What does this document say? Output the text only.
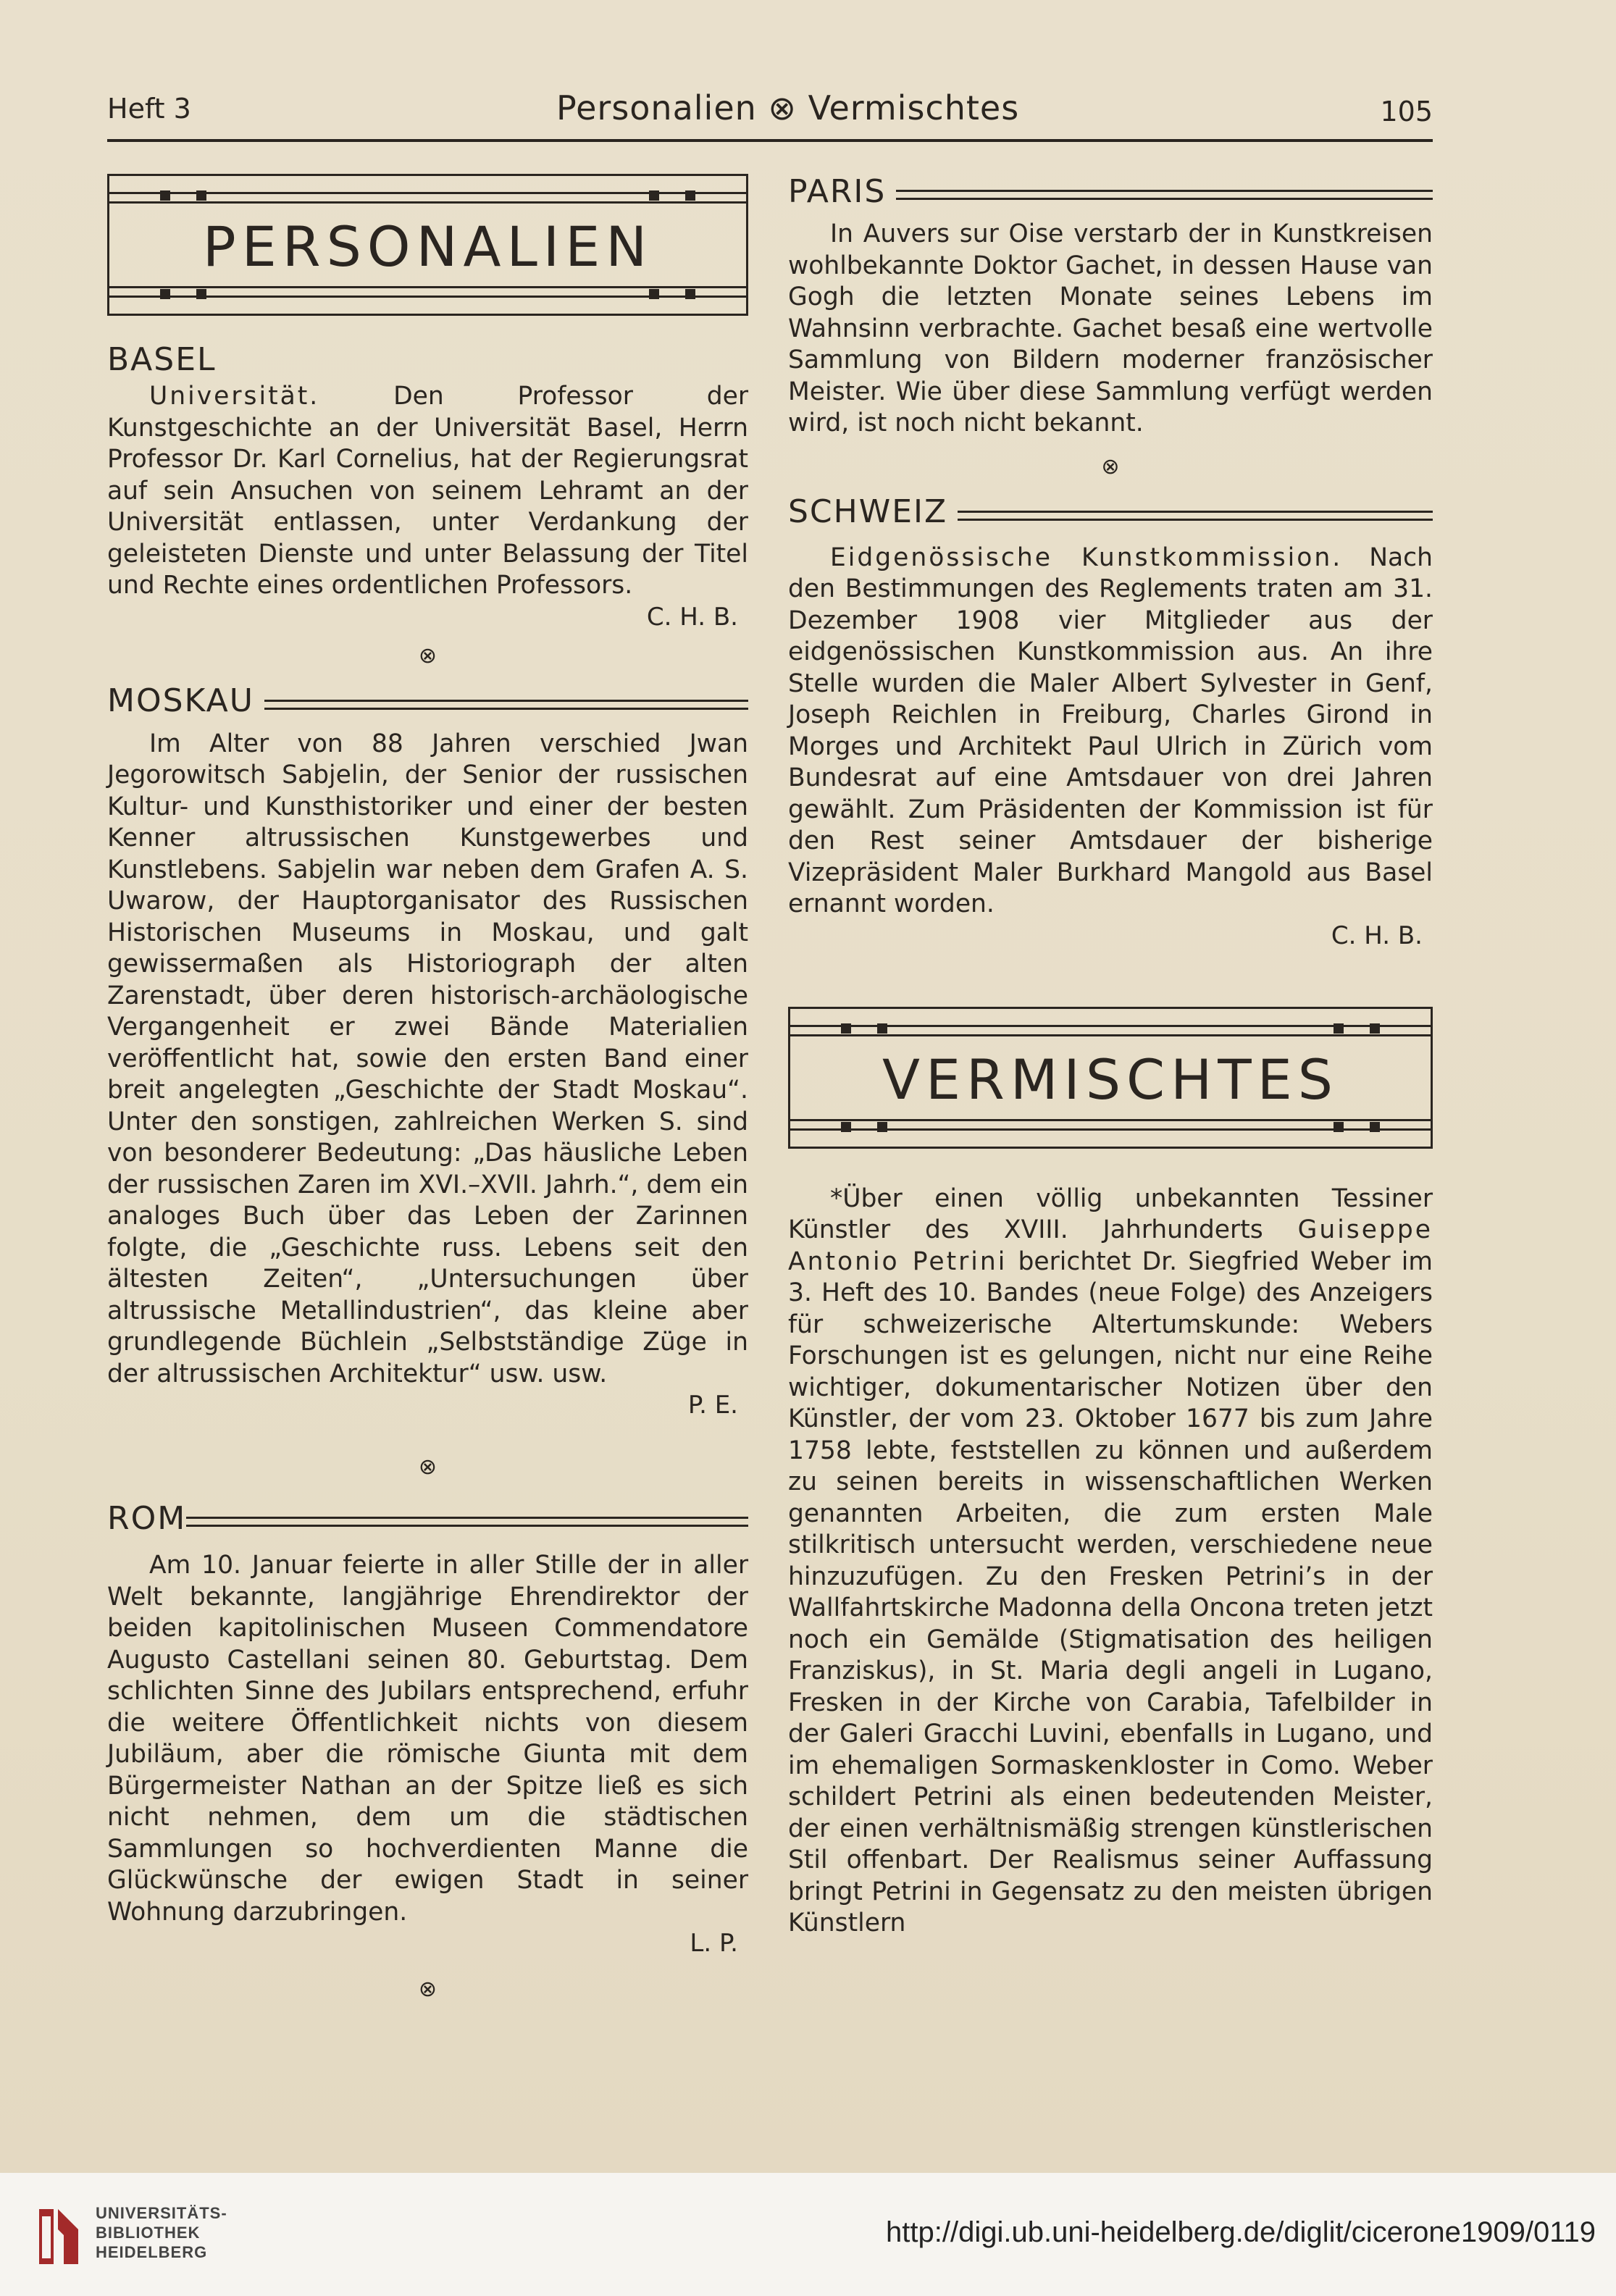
Heft 3	Personalien ⊗ Vermischtes	105
PERSONALIEN
BASEL

Universität.	Den Professor der Kunstgeschichte an der Universität Basel, Herrn Professor Dr. Karl Cornelius, hat der Regierungsrat auf sein Ansuchen von seinem Lehramt an der Universität entlassen, unter Verdankung der geleisteten Dienste und unter Belassung der Titel und Rechte eines ordentlichen Professors.

C. H. B.

⊗
MOSKAU

Im Alter von 88 Jahren verschied Jwan Jegorowitsch Sabjelin, der Senior der russischen Kultur- und Kunsthistoriker und einer der besten Kenner altrussischen Kunstgewerbes und Kunstlebens. Sabjelin war neben dem Grafen A. S. Uwarow, der Hauptorganisator des Russischen Historischen Museums in Moskau, und galt gewissermaßen als Historiograph der alten Zarenstadt, über deren historisch-archäologische Vergangenheit er zwei Bände Materialien veröffentlicht hat, sowie den ersten Band einer breit angelegten „Geschichte der Stadt Moskau“. Unter den sonstigen, zahlreichen Werken S. sind von besonderer Bedeutung: „Das häusliche Leben der russischen Zaren im XVI.–XVII. Jahrh.“, dem ein analoges Buch über das Leben der Zarinnen folgte, die „Geschichte russ. Lebens seit den ältesten Zeiten“, „Untersuchungen über altrussische Metallindustrien“, das kleine aber grundlegende Büchlein „Selbstständige Züge in der altrussischen Architektur“ usw. usw.

P. E.

⊗
ROM

Am 10. Januar feierte in aller Stille der in aller Welt bekannte, langjährige Ehrendirektor der beiden kapitolinischen Museen Commendatore Augusto Castellani seinen 80. Geburtstag. Dem schlichten Sinne des Jubilars entsprechend, erfuhr die weitere Öffentlichkeit nichts von diesem Jubiläum, aber die römische Giunta mit dem Bürgermeister Nathan an der Spitze ließ es sich nicht nehmen, dem um die städtischen Sammlungen so hochverdienten Manne die Glückwünsche der ewigen Stadt in seiner Wohnung darzubringen.

L. P.

⊗
PARIS

In Auvers sur Oise verstarb der in Kunstkreisen wohlbekannte Doktor Gachet, in dessen Hause van Gogh die letzten Monate seines Lebens im Wahnsinn verbrachte. Gachet besaß eine wertvolle Sammlung von Bildern moderner französischer Meister. Wie über diese Sammlung verfügt werden wird, ist noch nicht bekannt.

⊗
SCHWEIZ

Eidgenössische Kunstkommission. Nach den Bestimmungen des Reglements traten am 31. Dezember 1908 vier Mitglieder aus der eidgenössischen Kunstkommission aus. An ihre Stelle wurden die Maler Albert Sylvester in Genf, Joseph Reichlen in Freiburg, Charles Girond in Morges und Architekt Paul Ulrich in Zürich vom Bundesrat auf eine Amtsdauer von drei Jahren gewählt. Zum Präsidenten der Kommission ist für den Rest seiner Amtsdauer der bisherige Vizepräsident Maler Burkhard Mangold aus Basel ernannt worden.

C. H. B.

VERMISCHTES

*Über einen völlig unbekannten Tessiner Künstler des XVIII. Jahrhunderts Guiseppe Antonio Petrini berichtet Dr. Siegfried Weber im 3. Heft des 10. Bandes (neue Folge) des Anzeigers für schweizerische Altertumskunde: Webers Forschungen ist es gelungen, nicht nur eine Reihe wichtiger, dokumentarischer Notizen über den Künstler, der vom 23. Oktober 1677 bis zum Jahre 1758 lebte, feststellen zu können und außerdem zu seinen bereits in wissenschaftlichen Werken genannten Arbeiten, die zum ersten Male stilkritisch untersucht werden, verschiedene neue hinzuzufügen. Zu den Fresken Petrini’s in der Wallfahrtskirche Madonna della Oncona treten jetzt noch ein Gemälde (Stigmatisation des heiligen Franziskus), in St. Maria degli angeli in Lugano, Fresken in der Kirche von Carabia, Tafelbilder in der Galeri Gracchi Luvini, ebenfalls in Lugano, und im ehemaligen Sormaskenkloster in Como. Weber schildert Petrini als einen bedeutenden Meister, der einen verhältnismäßig strengen künstlerischen Stil offenbart. Der Realismus seiner Auffassung bringt Petrini in Gegensatz zu den meisten übrigen Künstlern

UNIVERSITÄTS-
BIBLIOTHEK
HEIDELBERG
http://digi.ub.uni-heidelberg.de/diglit/cicerone1909/0119
